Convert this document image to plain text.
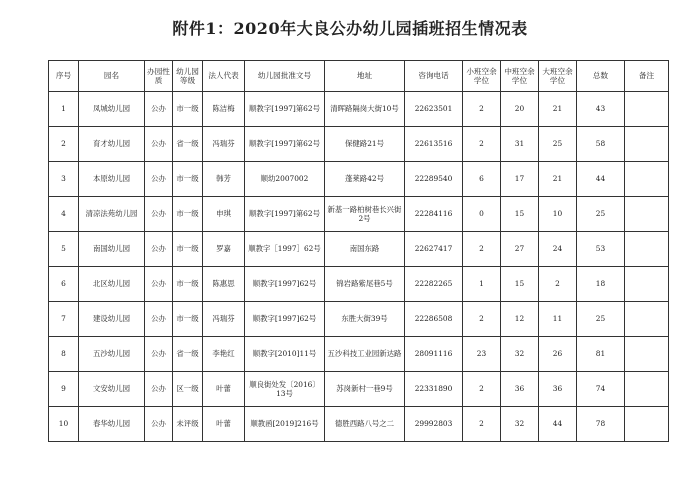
附件1：2020年大良公办幼儿园插班招生情况表
序号	园名	办园性质	幼儿园等级	法人代表	幼儿园批准文号	地址	咨询电话	小班空余学位	中班空余学位	大班空余学位	总数	备注
1	凤城幼儿园	公办	市一级	陈洁梅	顺教字[1997]第62号	清晖路隔岗大街10号	22623501	2	20	21	43	
2	育才幼儿园	公办	省一级	冯瑞芬	顺教字[1997]第62号	保健路21号	22613516	2	31	25	58	
3	本原幼儿园	公办	市一级	韩芳	顺幼2007002	蓬莱路42号	22289540	6	17	21	44	
4	清凉法苑幼儿园	公办	市一级	申琪	顺教字[1997]第62号	新基一路柏树巷长兴街2号	22284116	0	15	10	25	
5	南国幼儿园	公办	市一级	罗嘉	顺教字［1997］62号	南国东路	22627417	2	27	24	53	
6	北区幼儿园	公办	市一级	陈惠思	顺教字[1997]62号	锦岩路紫尾巷5号	22282265	1	15	2	18	
7	建设幼儿园	公办	市一级	冯瑞芬	顺教字[1997]62号	东胜大街39号	22286508	2	12	11	25	
8	五沙幼儿园	公办	省一级	李艳红	顺教字[2010]11号	五沙科技工业园新达路	28091116	23	32	26	81	
9	文安幼儿园	公办	区一级	叶蕾	顺良街处发〔2016〕13号	苏岗新村一巷9号	22331890	2	36	36	74	
10	春华幼儿园	公办	未评级	叶蕾	顺教函[2019]216号	德胜西路八号之二	29992803	2	32	44	78	
